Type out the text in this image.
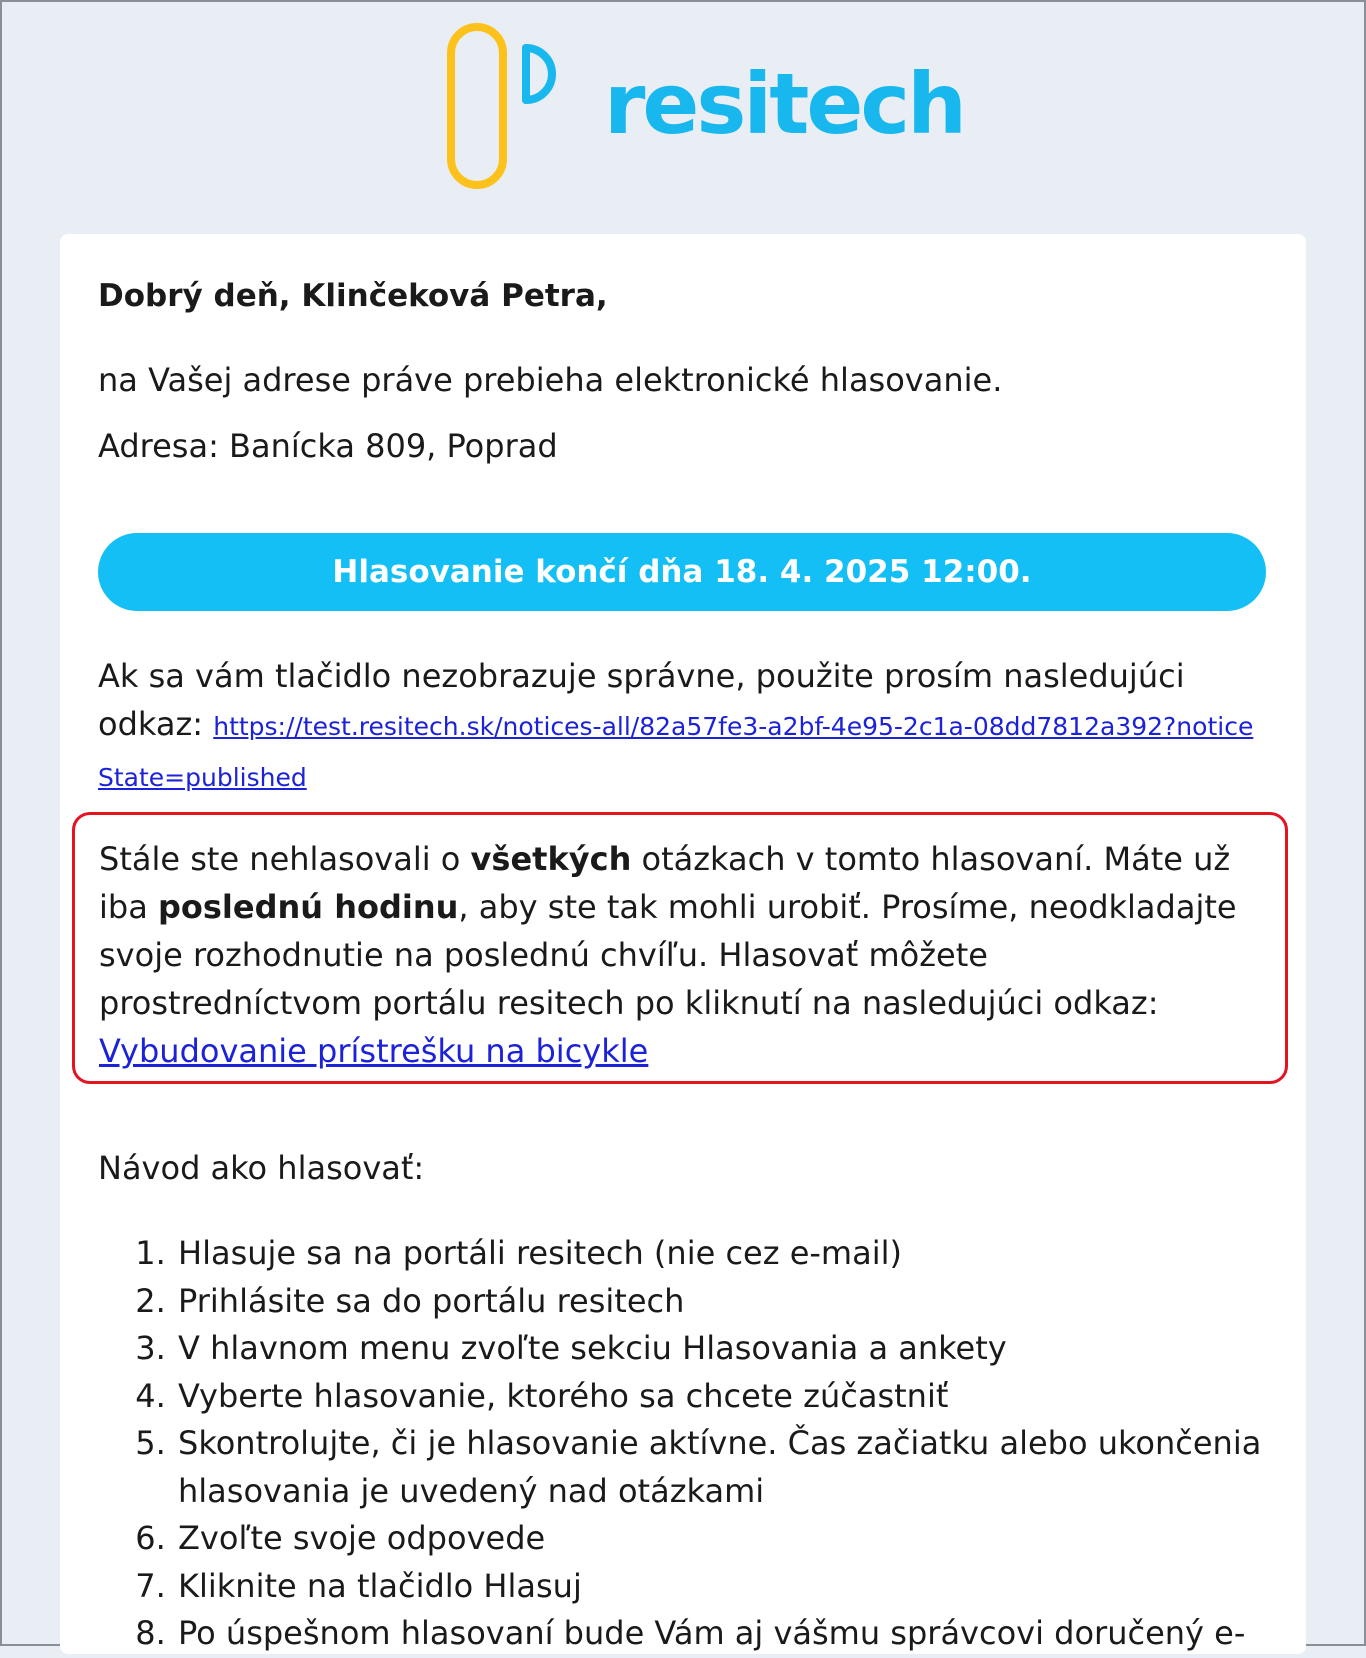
resitech
Dobrý deň, Klinčeková Petra,

na Vašej adrese práve prebieha elektronické hlasovanie.

Adresa: Banícka 809, Poprad

Hlasovanie končí dňa 18. 4. 2025 12:00.

Ak sa vám tlačidlo nezobrazuje správne, použite prosím nasledujúci odkaz: https://test.resitech.sk/notices-all/82a57fe3-a2bf-4e95-2c1a-08dd7812a392?noticeState=published

Stále ste nehlasovali o všetkých otázkach v tomto hlasovaní. Máte už iba poslednú hodinu, aby ste tak mohli urobiť. Prosíme, neodkladajte svoje rozhodnutie na poslednú chvíľu. Hlasovať môžete prostredníctvom portálu resitech po kliknutí na nasledujúci odkaz:
Vybudovanie prístrešku na bicykle

Návod ako hlasovať:

1. Hlasuje sa na portáli resitech (nie cez e-mail)
2. Prihlásite sa do portálu resitech
3. V hlavnom menu zvoľte sekciu Hlasovania a ankety
4. Vyberte hlasovanie, ktorého sa chcete zúčastniť
5. Skontrolujte, či je hlasovanie aktívne. Čas začiatku alebo ukončenia hlasovania je uvedený nad otázkami
6. Zvoľte svoje odpovede
7. Kliknite na tlačidlo Hlasuj
8. Po úspešnom hlasovaní bude Vám aj vášmu správcovi doručený e-
